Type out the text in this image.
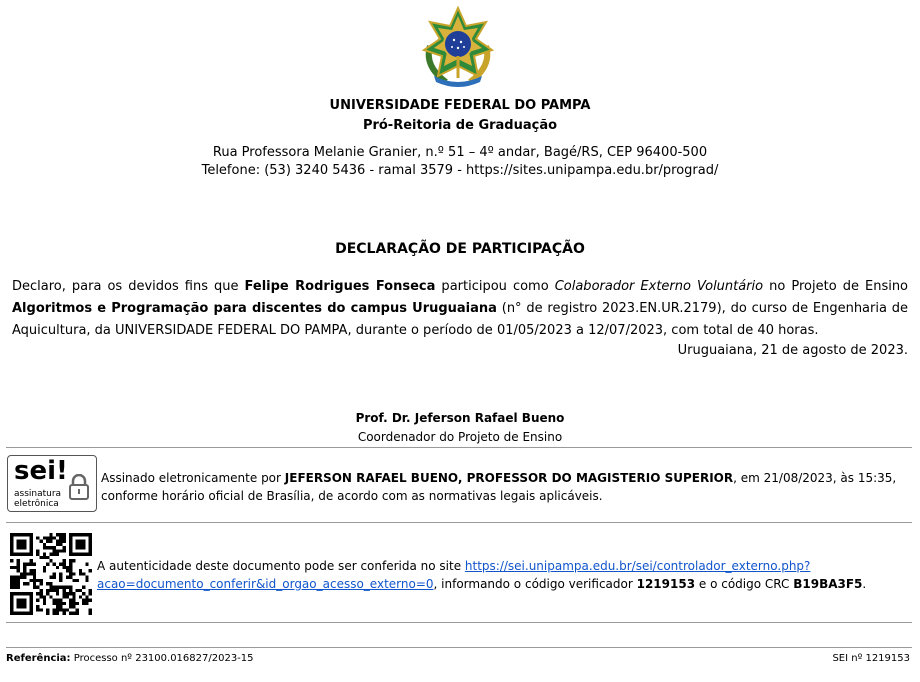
UNIVERSIDADE FEDERAL DO PAMPA
Pró-Reitoria de Graduação
Rua Professora Melanie Granier, n.º 51 – 4º andar, Bagé/RS, CEP 96400-500
Telefone: (53) 3240 5436 - ramal 3579 - https://sites.unipampa.edu.br/prograd/
DECLARAÇÃO DE PARTICIPAÇÃO
Declaro, para os devidos fins que Felipe Rodrigues Fonseca participou como Colaborador Externo Voluntário no Projeto de Ensino Algoritmos e Programação para discentes do campus Uruguaiana (n° de registro 2023.EN.UR.2179), do curso de Engenharia de Aquicultura, da UNIVERSIDADE FEDERAL DO PAMPA, durante o período de 01/05/2023 a 12/07/2023, com total de 40 horas.
Uruguaiana, 21 de agosto de 2023.
Prof. Dr. Jeferson Rafael Bueno
Coordenador do Projeto de Ensino
sei!
assinatura
eletrônica
Assinado eletronicamente por JEFERSON RAFAEL BUENO, PROFESSOR DO MAGISTERIO SUPERIOR, em 21/08/2023, às 15:35, conforme horário oficial de Brasília, de acordo com as normativas legais aplicáveis.
A autenticidade deste documento pode ser conferida no site https://sei.unipampa.edu.br/sei/controlador_externo.php?
acao=documento_conferir&id_orgao_acesso_externo=0, informando o código verificador 1219153 e o código CRC B19BA3F5.
Referência: Processo nº 23100.016827/2023-15	SEI nº 1219153
